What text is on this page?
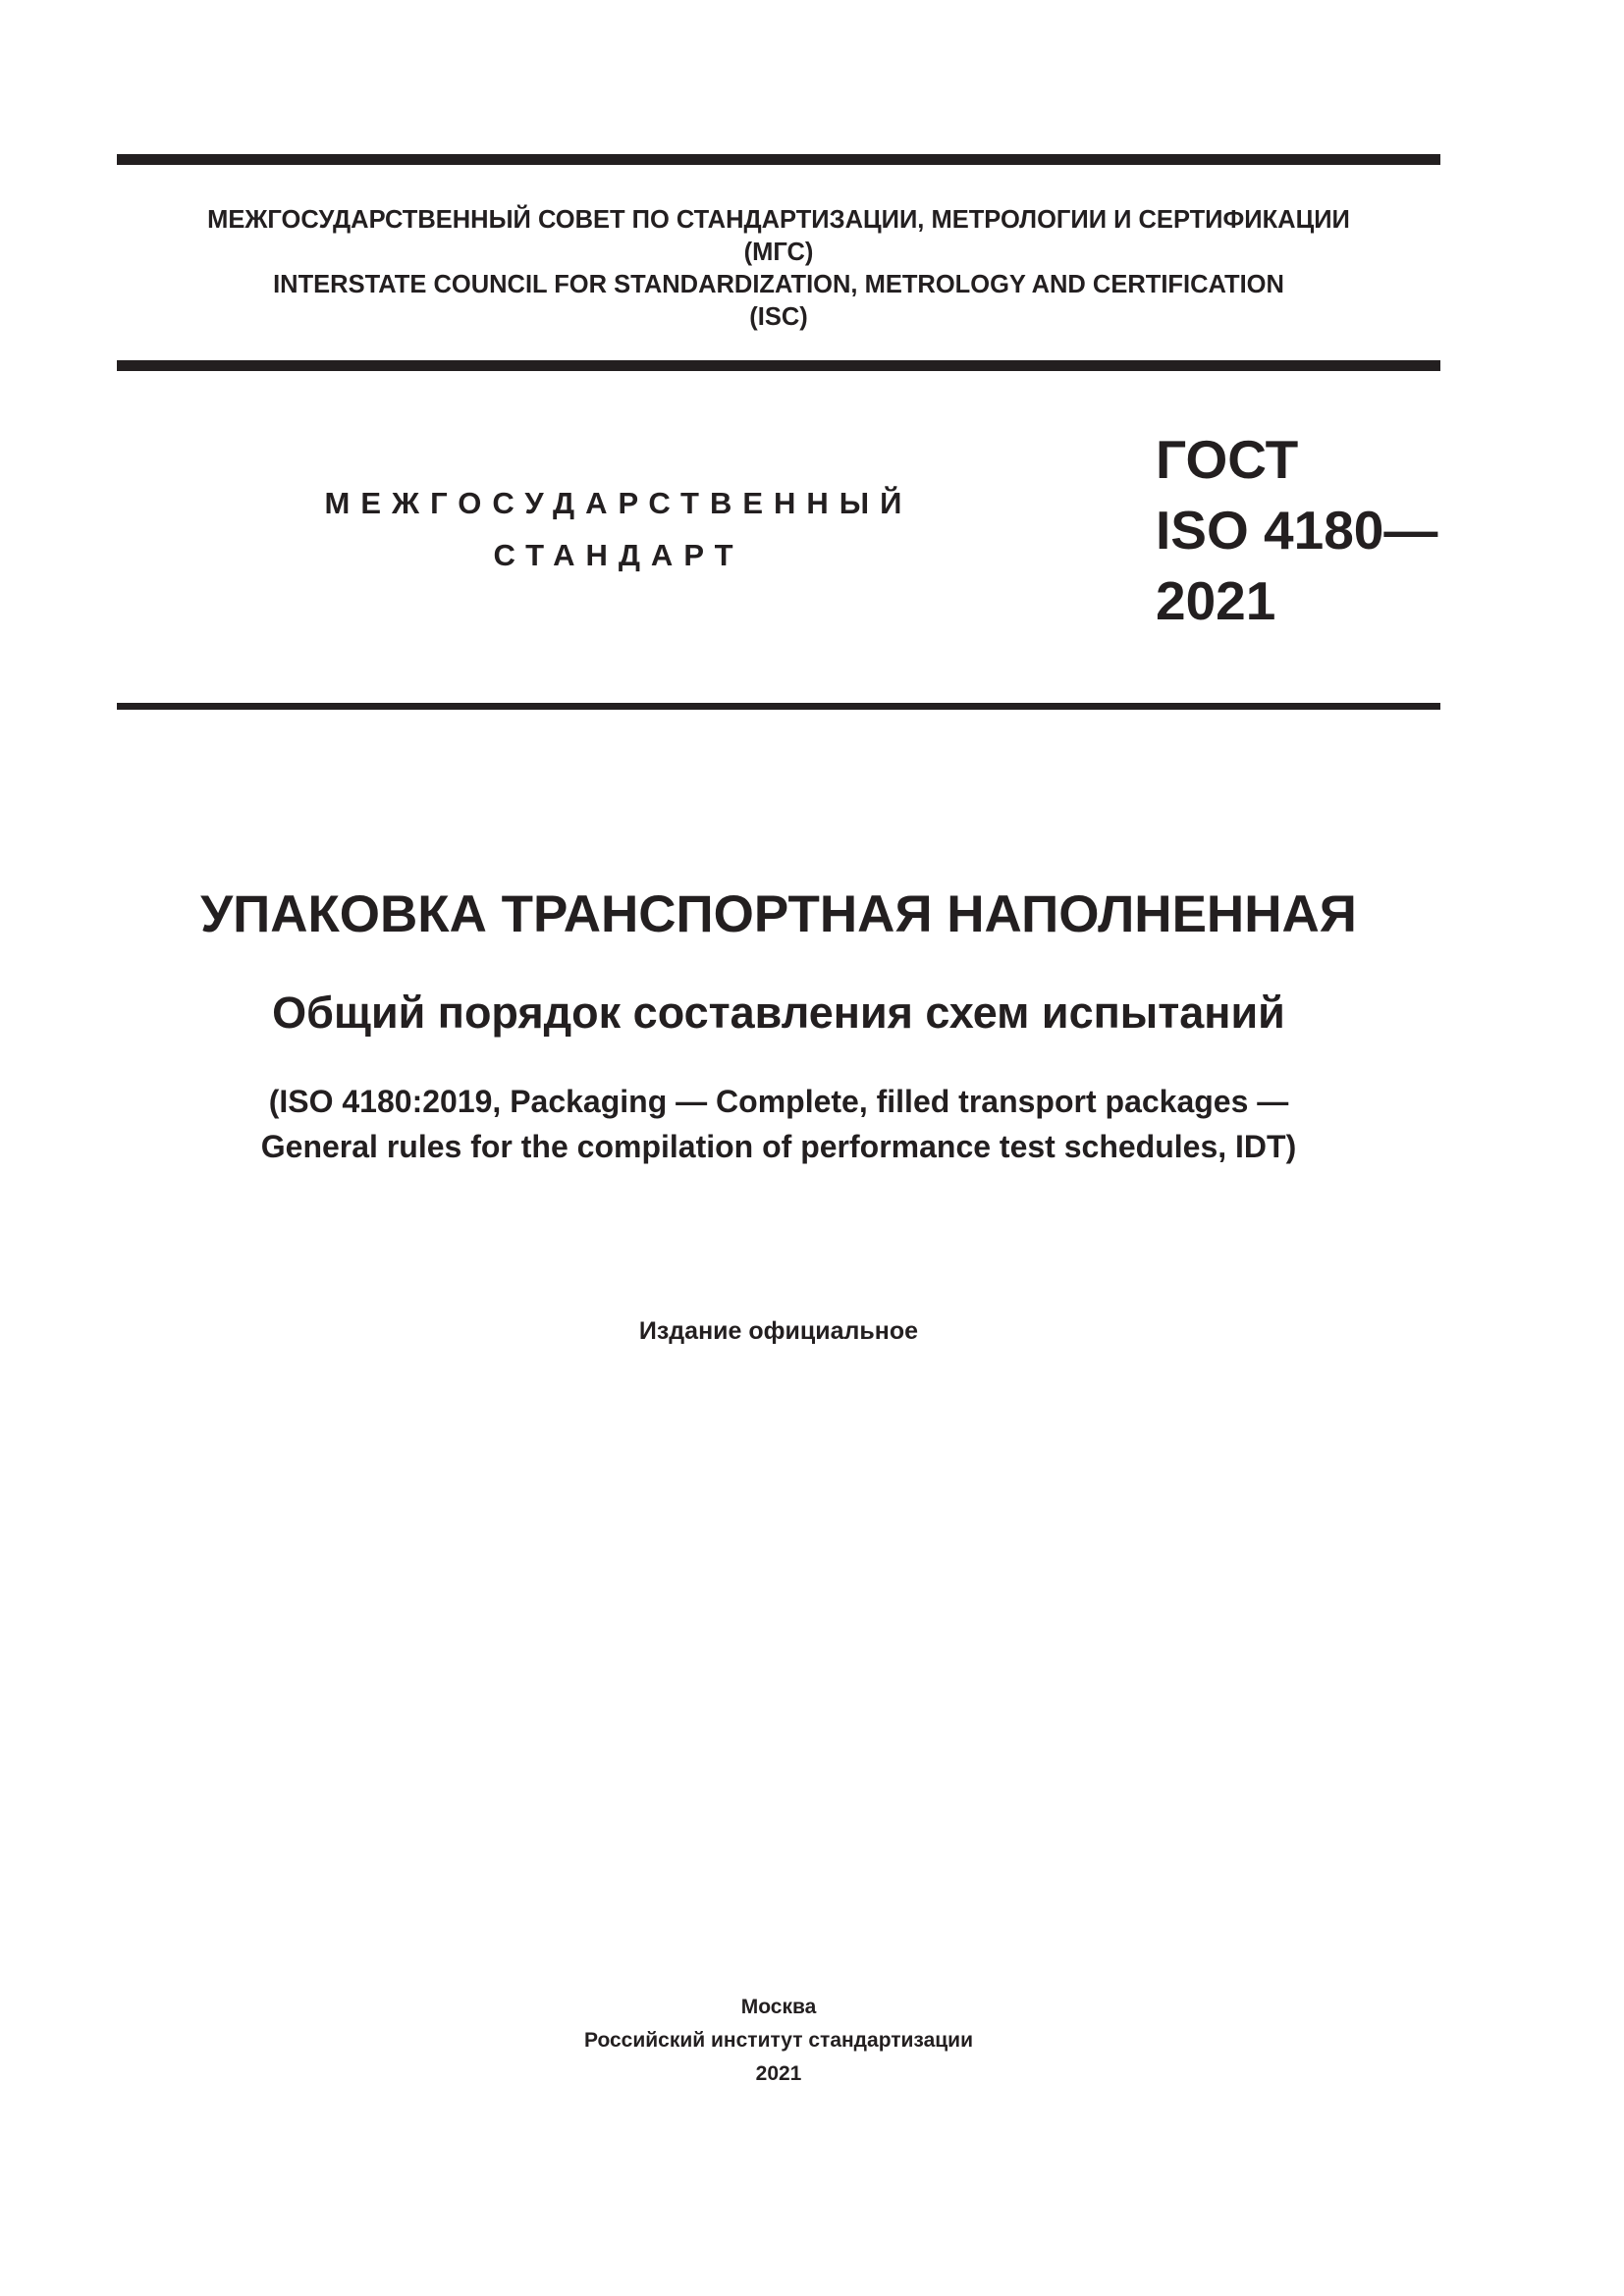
МЕЖГОСУДАРСТВЕННЫЙ СОВЕТ ПО СТАНДАРТИЗАЦИИ, МЕТРОЛОГИИ И СЕРТИФИКАЦИИ
(МГС)
INTERSTATE COUNCIL FOR STANDARDIZATION, METROLOGY AND CERTIFICATION
(ISC)
МЕЖГОСУДАРСТВЕННЫЙ
СТАНДАРТ
ГОСТ
ISO 4180—
2021
УПАКОВКА ТРАНСПОРТНАЯ НАПОЛНЕННАЯ
Общий порядок составления схем испытаний
(ISO 4180:2019, Packaging — Complete, filled transport packages —
General rules for the compilation of performance test schedules, IDT)
Издание официальное
Москва
Российский институт стандартизации
2021
